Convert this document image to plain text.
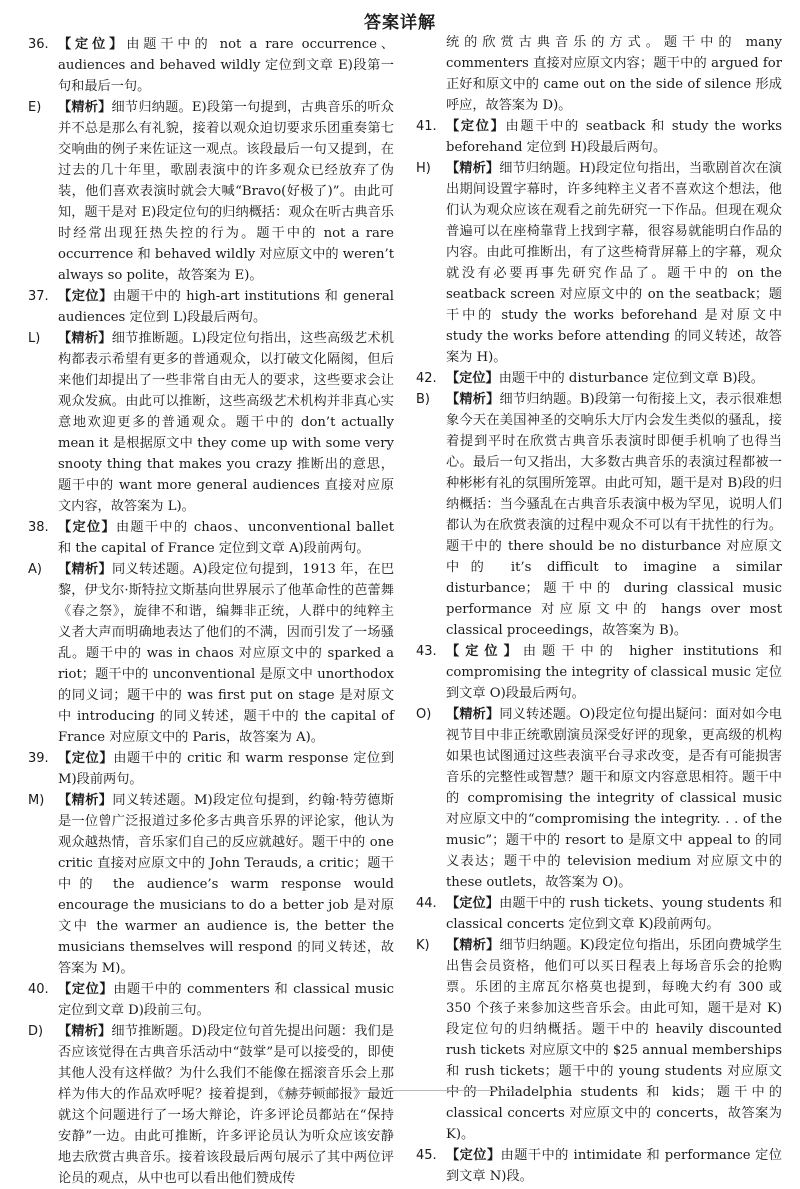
答案详解
36. 【定位】由题干中的 not a rare occurrence、audiences and behaved wildly 定位到文章 E)段第一句和最后一句。
E)	【精析】细节归纳题。E)段第一句提到，古典音乐的听众并不总是那么有礼貌，接着以观众迫切要求乐团重奏第七交响曲的例子来佐证这一观点。该段最后一句又提到，在过去的几十年里，歌剧表演中的许多观众已经放弃了伪装，他们喜欢表演时就会大喊“Bravo(好极了)”。由此可知，题干是对 E)段定位句的归纳概括：观众在听古典音乐时经常出现狂热失控的行为。题干中的 not a rare occurrence 和 behaved wildly 对应原文中的 weren’t always so polite，故答案为 E)。
37. 【定位】由题干中的 high-art institutions 和 general audiences 定位到 L)段最后两句。
L)	【精析】细节推断题。L)段定位句指出，这些高级艺术机构都表示希望有更多的普通观众，以打破文化隔阂，但后来他们却提出了一些非常自由无人的要求，这些要求会让观众发疯。由此可以推断，这些高级艺术机构并非真心实意地欢迎更多的普通观众。题干中的 don’t actually mean it 是根据原文中 they come up with some very snooty thing that makes you crazy 推断出的意思，题干中的 want more general audiences 直接对应原文内容，故答案为 L)。
38. 【定位】由题干中的 chaos、unconventional ballet 和 the capital of France 定位到文章 A)段前两句。
A)	【精析】同义转述题。A)段定位句提到，1913 年，在巴黎，伊戈尔·斯特拉文斯基向世界展示了他革命性的芭蕾舞《春之祭》，旋律不和谐，编舞非正统，人群中的纯粹主义者大声而明确地表达了他们的不满，因而引发了一场骚乱。题干中的 was in chaos 对应原文中的 sparked a riot；题干中的 unconventional 是原文中 unorthodox 的同义词；题干中的 was first put on stage 是对原文中 introducing 的同义转述，题干中的 the capital of France 对应原文中的 Paris，故答案为 A)。
39. 【定位】由题干中的 critic 和 warm response 定位到 M)段前两句。
M)	【精析】同义转述题。M)段定位句提到，约翰·特劳德斯是一位曾广泛报道过多伦多古典音乐界的评论家，他认为观众越热情，音乐家们自己的反应就越好。题干中的 one critic 直接对应原文中的 John Terauds, a critic；题干中的 the audience’s warm response would encourage the musicians to do a better job 是对原文中 the warmer an audience is, the better the musicians themselves will respond 的同义转述，故答案为 M)。
40. 【定位】由题干中的 commenters 和 classical music 定位到文章 D)段前三句。
D)	【精析】细节推断题。D)段定位句首先提出问题：我们是否应该觉得在古典音乐活动中“鼓掌”是可以接受的，即使其他人没有这样做？为什么我们不能像在摇滚音乐会上那样为伟大的作品欢呼呢？接着提到，《赫芬顿邮报》最近就这个问题进行了一场大辩论，许多评论员都站在“保持安静”一边。由此可推断，许多评论员认为听众应该安静地去欣赏古典音乐。接着该段最后两句展示了其中两位评论员的观点，从中也可以看出他们赞成传
统的欣赏古典音乐的方式。题干中的 many commenters 直接对应原文内容；题干中的 argued for 正好和原文中的 came out on the side of silence 形成呼应，故答案为 D)。
41. 【定位】由题干中的 seatback 和 study the works beforehand 定位到 H)段最后两句。
H)	【精析】细节归纳题。H)段定位句指出，当歌剧首次在演出期间设置字幕时，许多纯粹主义者不喜欢这个想法，他们认为观众应该在观看之前先研究一下作品。但现在观众普遍可以在座椅靠背上找到字幕，很容易就能明白作品的内容。由此可推断出，有了这些椅背屏幕上的字幕，观众就没有必要再事先研究作品了。题干中的 on the seatback screen 对应原文中的 on the seatback；题干中的 study the works beforehand 是对原文中 study the works before attending 的同义转述，故答案为 H)。
42. 【定位】由题干中的 disturbance 定位到文章 B)段。
B)	【精析】细节归纳题。B)段第一句衔接上文，表示很难想象今天在美国神圣的交响乐大厅内会发生类似的骚乱，接着提到平时在欣赏古典音乐表演时即便手机响了也得当心。最后一句又指出，大多数古典音乐的表演过程都被一种彬彬有礼的氛围所笼罩。由此可知，题干是对 B)段的归纳概括：当今骚乱在古典音乐表演中极为罕见，说明人们都认为在欣赏表演的过程中观众不可以有干扰性的行为。题干中的 there should be no disturbance 对应原文中的 it’s difficult to imagine a similar disturbance；题干中的 during classical music performance 对应原文中的 hangs over most classical proceedings，故答案为 B)。
43. 【定位】由题干中的 higher institutions 和 compromising the integrity of classical music 定位到文章 O)段最后两句。
O)	【精析】同义转述题。O)段定位句提出疑问：面对如今电视节目中非正统歌剧演员深受好评的现象，更高级的机构如果也试图通过这些表演平台寻求改变，是否有可能损害音乐的完整性或智慧？题干和原文内容意思相符。题干中的 compromising the integrity of classical music 对应原文中的“compromising the integrity. . . of the music”；题干中的 resort to 是原文中 appeal to 的同义表达；题干中的 television medium 对应原文中的 these outlets，故答案为 O)。
44. 【定位】由题干中的 rush tickets、young students 和 classical concerts 定位到文章 K)段前两句。
K)	【精析】细节归纳题。K)段定位句指出，乐团向费城学生出售会员资格，他们可以买日程表上每场音乐会的抢购票。乐团的主席瓦尔格莫也提到，每晚大约有 300 或 350 个孩子来参加这些音乐会。由此可知，题干是对 K)段定位句的归纳概括。题干中的 heavily discounted rush tickets 对应原文中的 $25 annual memberships 和 rush tickets；题干中的 young students 对应原文中的 Philadelphia students 和 kids；题干中的 classical concerts 对应原文中的 concerts，故答案为 K)。
45. 【定位】由题干中的 intimidate 和 performance 定位到文章 N)段。
